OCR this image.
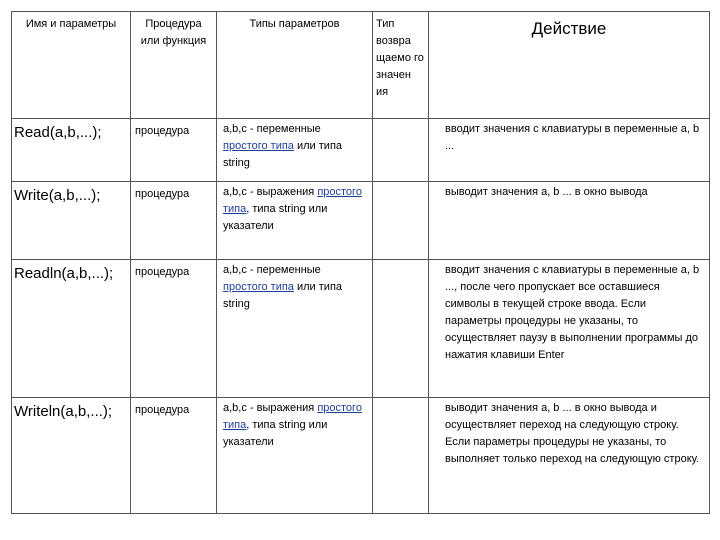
Имя и параметры	Процедура или функция	Типы параметров	Тип возвра щаемо го значен ия	Действие
Read(a,b,...);	процедура	a,b,c - переменные простого типа или типа string		вводит значения с клавиатуры в переменные a, b ...
Write(a,b,...);	процедура	a,b,c - выражения простого типа, типа string или указатели		выводит значения a, b ... в окно вывода
Readln(a,b,...);	процедура	a,b,c - переменные простого типа или типа string		вводит значения с клавиатуры в переменные a, b ..., после чего пропускает все оставшиеся символы в текущей строке ввода. Если параметры процедуры не указаны, то осуществляет паузу в выполнении программы до нажатия клавиши Enter
Writeln(a,b,...);	процедура	a,b,c - выражения простого типа, типа string или указатели		выводит значения a, b ... в окно вывода и осуществляет переход на следующую строку. Если параметры процедуры не указаны, то выполняет только переход на следующую строку.
